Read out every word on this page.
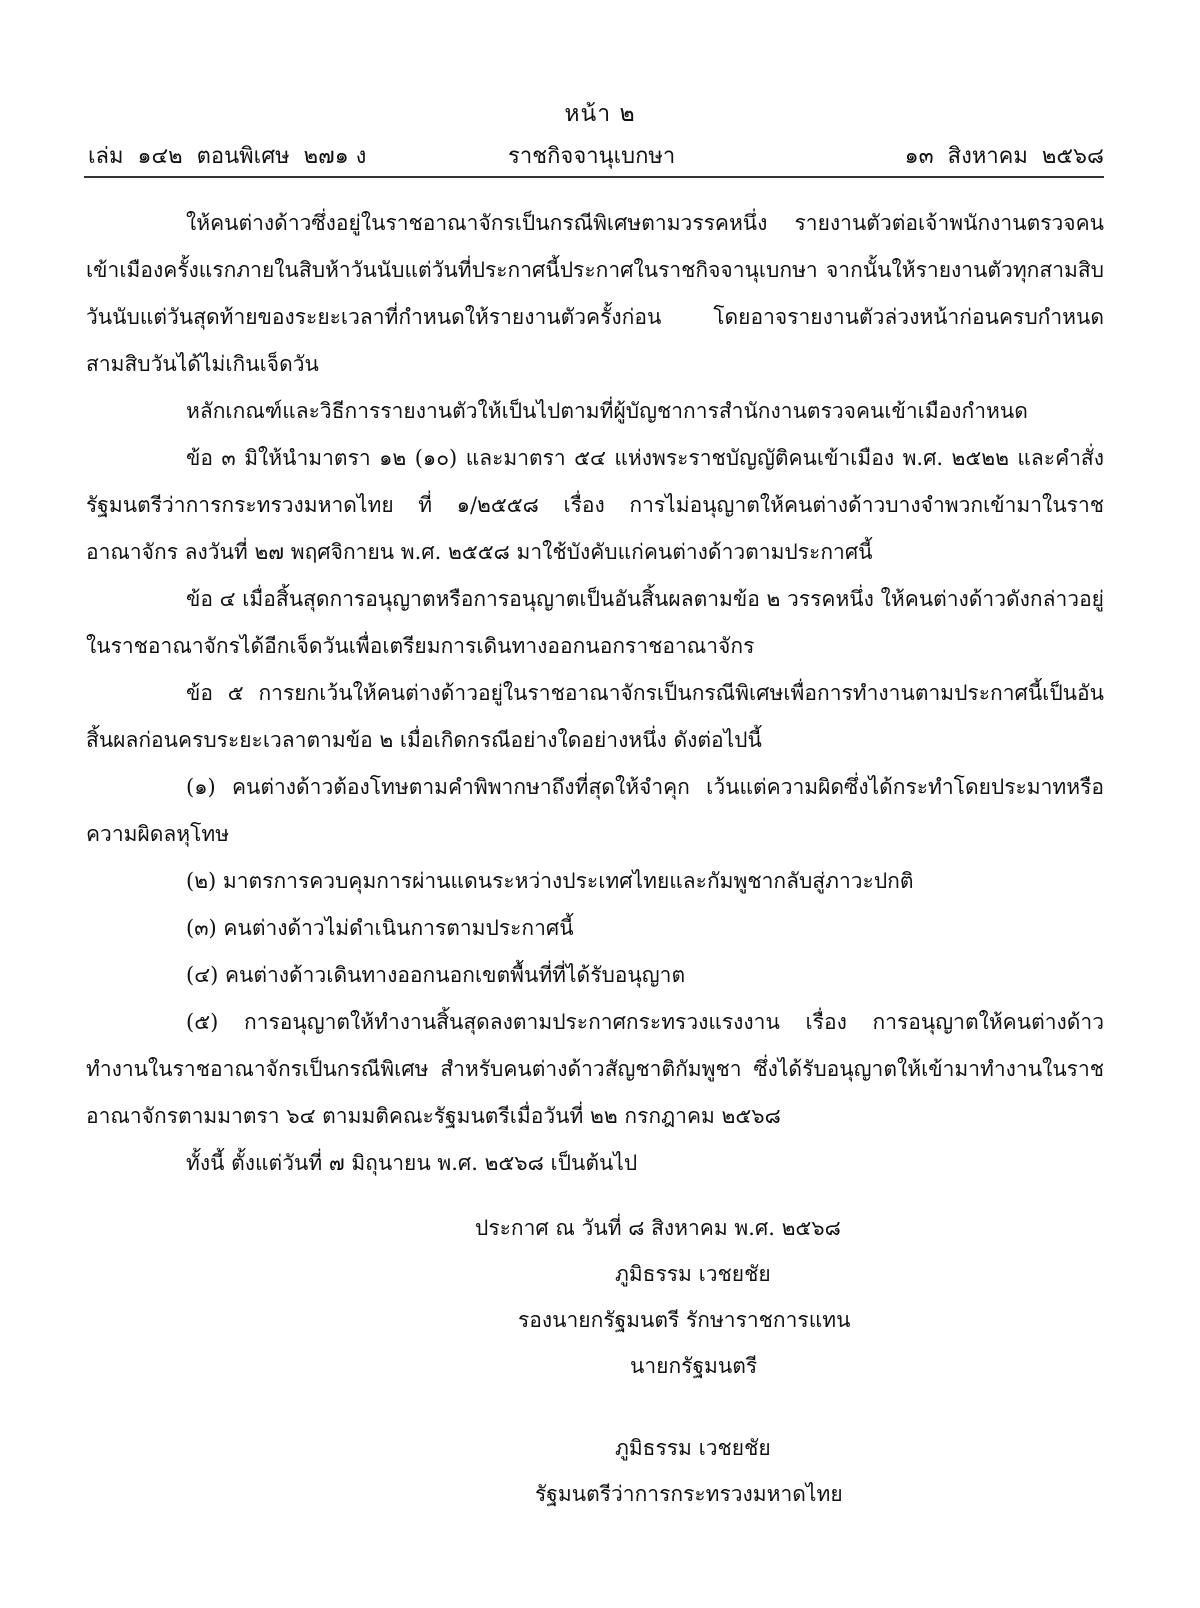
หน้า ๒
เล่ม ๑๔๒ ตอนพิเศษ ๒๗๑ ง	ราชกิจจานุเบกษา	๑๓ สิงหาคม ๒๕๖๘

ให้คนต่างด้าวซึ่งอยู่ในราชอาณาจักรเป็นกรณีพิเศษตามวรรคหนึ่ง รายงานตัวต่อเจ้าพนักงานตรวจคนเข้าเมืองครั้งแรกภายในสิบห้าวันนับแต่วันที่ประกาศนี้ประกาศในราชกิจจานุเบกษา จากนั้นให้รายงานตัวทุกสามสิบวันนับแต่วันสุดท้ายของระยะเวลาที่กำหนดให้รายงานตัวครั้งก่อน โดยอาจรายงานตัวล่วงหน้าก่อนครบกำหนดสามสิบวันได้ไม่เกินเจ็ดวัน

หลักเกณฑ์และวิธีการรายงานตัวให้เป็นไปตามที่ผู้บัญชาการสำนักงานตรวจคนเข้าเมืองกำหนด

ข้อ ๓ มิให้นำมาตรา ๑๒ (๑๐) และมาตรา ๕๔ แห่งพระราชบัญญัติคนเข้าเมือง พ.ศ. ๒๕๒๒ และคำสั่งรัฐมนตรีว่าการกระทรวงมหาดไทย ที่ ๑/๒๕๕๘ เรื่อง การไม่อนุญาตให้คนต่างด้าวบางจำพวกเข้ามาในราชอาณาจักร ลงวันที่ ๒๗ พฤศจิกายน พ.ศ. ๒๕๕๘ มาใช้บังคับแก่คนต่างด้าวตามประกาศนี้

ข้อ ๔ เมื่อสิ้นสุดการอนุญาตหรือการอนุญาตเป็นอันสิ้นผลตามข้อ ๒ วรรคหนึ่ง ให้คนต่างด้าวดังกล่าวอยู่ในราชอาณาจักรได้อีกเจ็ดวันเพื่อเตรียมการเดินทางออกนอกราชอาณาจักร

ข้อ ๕ การยกเว้นให้คนต่างด้าวอยู่ในราชอาณาจักรเป็นกรณีพิเศษเพื่อการทำงานตามประกาศนี้เป็นอันสิ้นผลก่อนครบระยะเวลาตามข้อ ๒ เมื่อเกิดกรณีอย่างใดอย่างหนึ่ง ดังต่อไปนี้

(๑) คนต่างด้าวต้องโทษตามคำพิพากษาถึงที่สุดให้จำคุก เว้นแต่ความผิดซึ่งได้กระทำโดยประมาทหรือความผิดลหุโทษ

(๒) มาตรการควบคุมการผ่านแดนระหว่างประเทศไทยและกัมพูชากลับสู่ภาวะปกติ

(๓) คนต่างด้าวไม่ดำเนินการตามประกาศนี้

(๔) คนต่างด้าวเดินทางออกนอกเขตพื้นที่ที่ได้รับอนุญาต

(๕) การอนุญาตให้ทำงานสิ้นสุดลงตามประกาศกระทรวงแรงงาน เรื่อง การอนุญาตให้คนต่างด้าวทำงานในราชอาณาจักรเป็นกรณีพิเศษ สำหรับคนต่างด้าวสัญชาติกัมพูชา ซึ่งได้รับอนุญาตให้เข้ามาทำงานในราชอาณาจักรตามมาตรา ๖๔ ตามมติคณะรัฐมนตรีเมื่อวันที่ ๒๒ กรกฎาคม ๒๕๖๘

ทั้งนี้ ตั้งแต่วันที่ ๗ มิถุนายน พ.ศ. ๒๕๖๘ เป็นต้นไป

ประกาศ ณ วันที่ ๘ สิงหาคม พ.ศ. ๒๕๖๘
ภูมิธรรม เวชยชัย
รองนายกรัฐมนตรี รักษาราชการแทน
นายกรัฐมนตรี
ภูมิธรรม เวชยชัย
รัฐมนตรีว่าการกระทรวงมหาดไทย
